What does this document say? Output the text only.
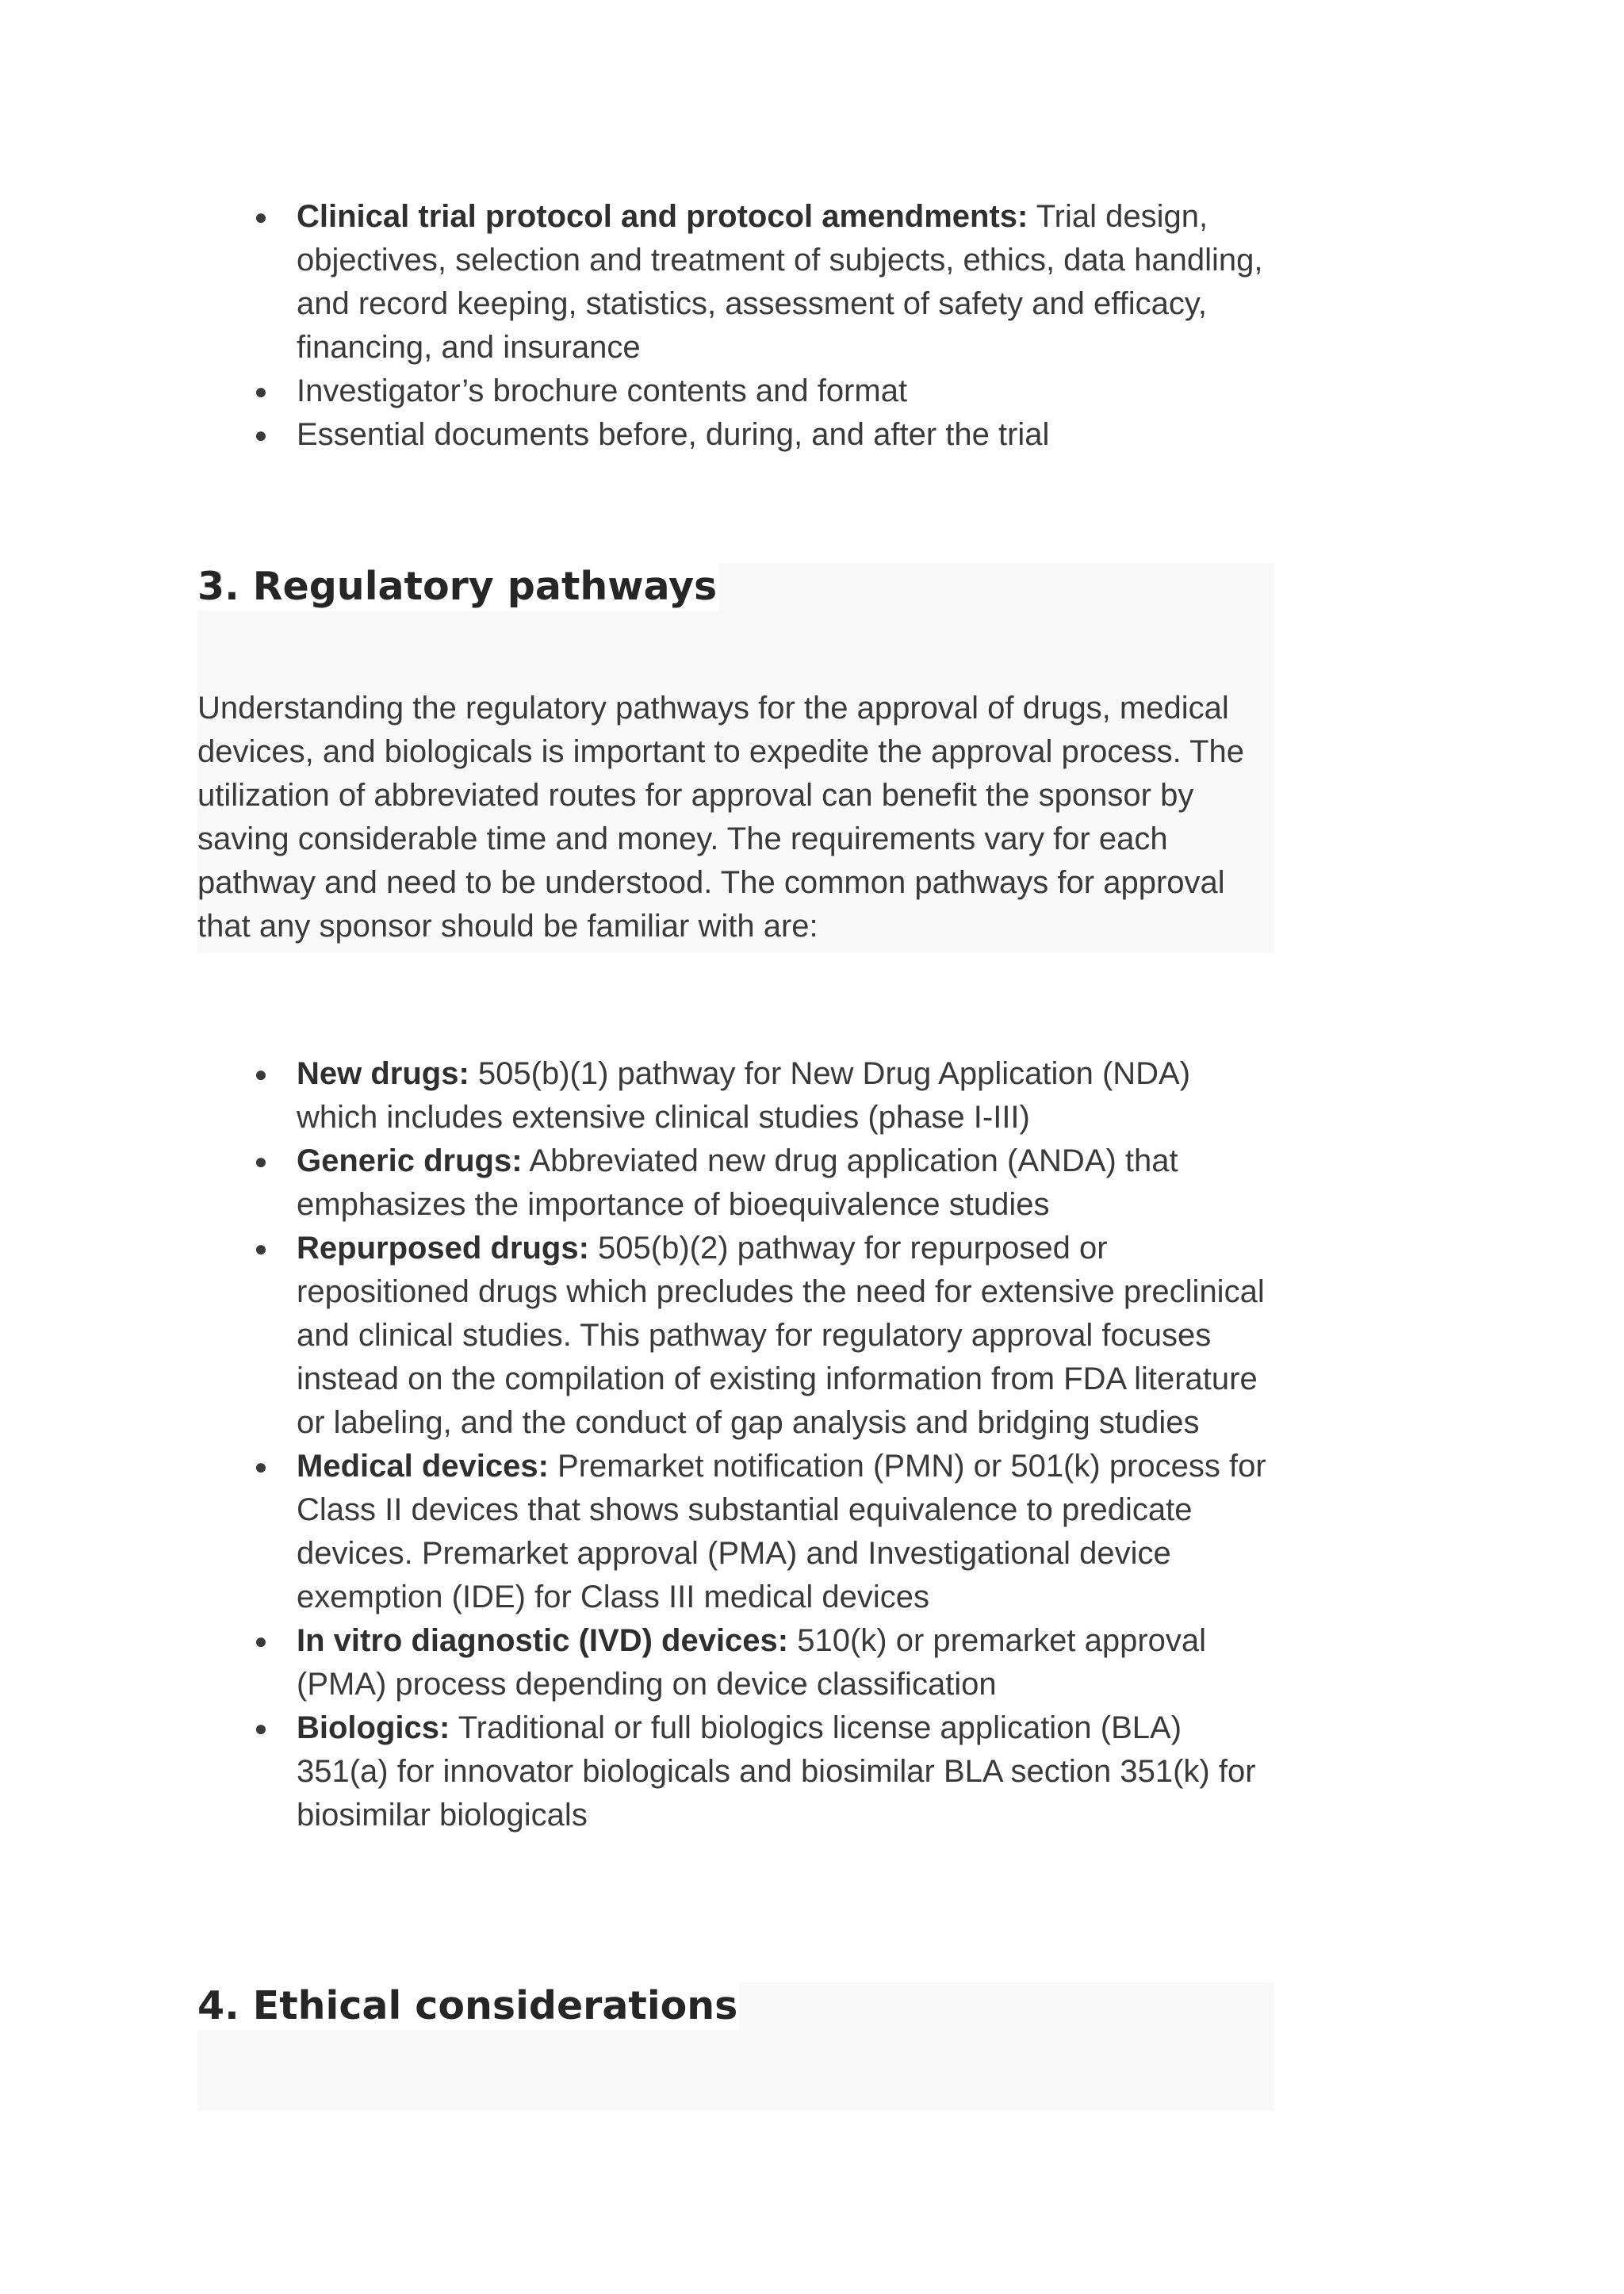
● Clinical trial protocol and protocol amendments: Trial design, objectives, selection and treatment of subjects, ethics, data handling, and record keeping, statistics, assessment of safety and efficacy, financing, and insurance
● Investigator’s brochure contents and format
● Essential documents before, during, and after the trial
3. Regulatory pathways

Understanding the regulatory pathways for the approval of drugs, medical devices, and biologicals is important to expedite the approval process. The utilization of abbreviated routes for approval can benefit the sponsor by saving considerable time and money. The requirements vary for each pathway and need to be understood. The common pathways for approval that any sponsor should be familiar with are:

● New drugs: 505(b)(1) pathway for New Drug Application (NDA) which includes extensive clinical studies (phase I-III)
● Generic drugs: Abbreviated new drug application (ANDA) that emphasizes the importance of bioequivalence studies
● Repurposed drugs: 505(b)(2) pathway for repurposed or repositioned drugs which precludes the need for extensive preclinical and clinical studies. This pathway for regulatory approval focuses instead on the compilation of existing information from FDA literature or labeling, and the conduct of gap analysis and bridging studies
● Medical devices: Premarket notification (PMN) or 501(k) process for Class II devices that shows substantial equivalence to predicate devices. Premarket approval (PMA) and Investigational device exemption (IDE) for Class III medical devices
● In vitro diagnostic (IVD) devices: 510(k) or premarket approval (PMA) process depending on device classification
● Biologics: Traditional or full biologics license application (BLA) 351(a) for innovator biologicals and biosimilar BLA section 351(k) for biosimilar biologicals
4. Ethical considerations
